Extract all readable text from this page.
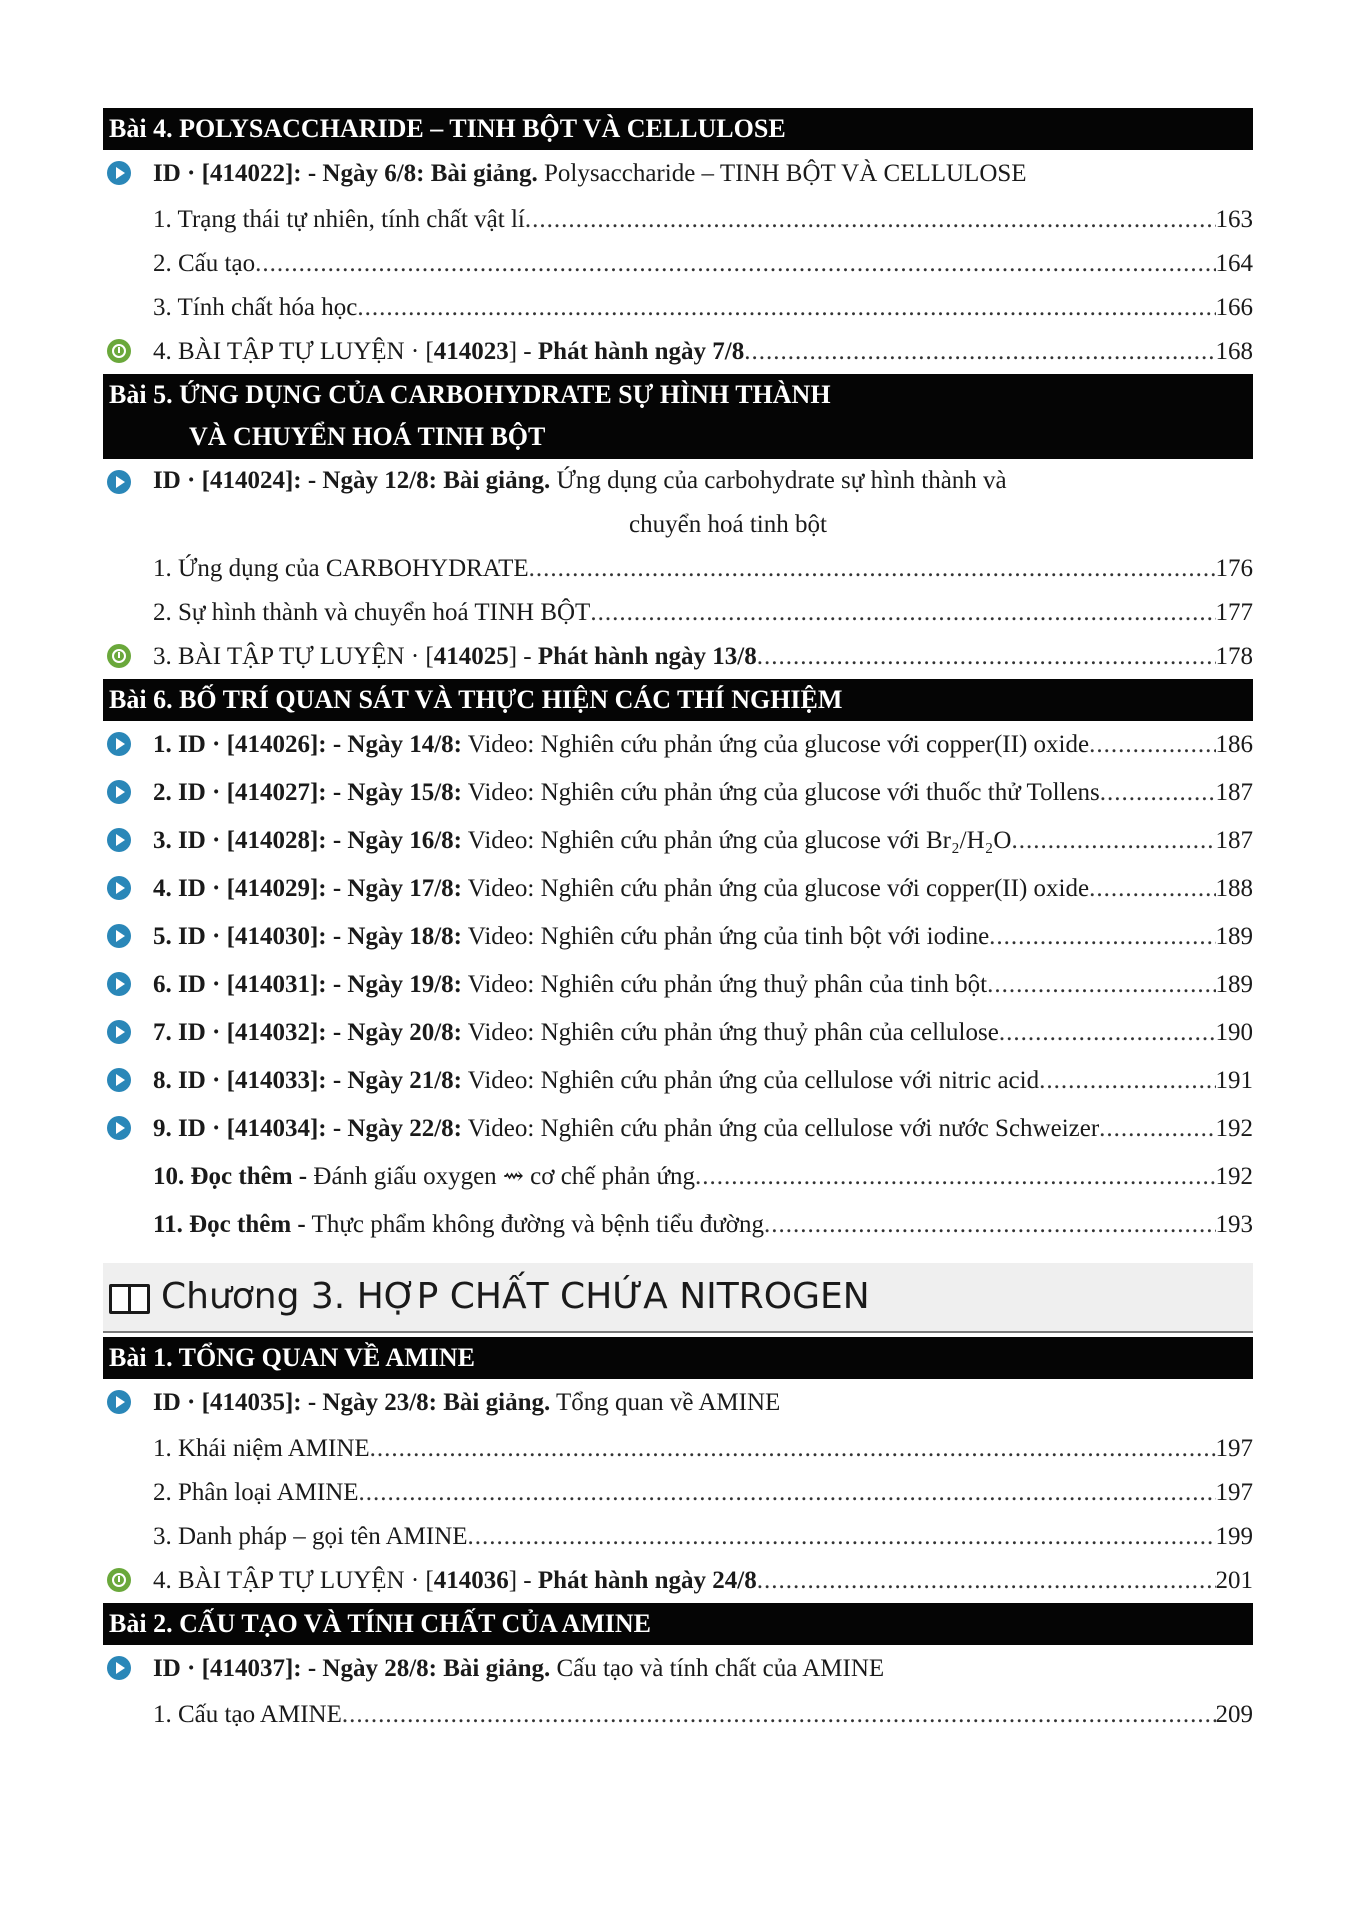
Bài 4. POLYSACCHARIDE – TINH BỘT VÀ CELLULOSE
ID · [414022]: - Ngày 6/8: Bài giảng. Polysaccharide – TINH BỘT VÀ CELLULOSE
1. Trạng thái tự nhiên, tính chất vật lí .....	163
2. Cấu tạo .....	164
3. Tính chất hóa học .....	166
4. BÀI TẬP TỰ LUYỆN · [414023] - Phát hành ngày 7/8 .....	168
Bài 5. ỨNG DỤNG CỦA CARBOHYDRATE SỰ HÌNH THÀNH
VÀ CHUYỂN HOÁ TINH BỘT
ID · [414024]: - Ngày 12/8: Bài giảng. Ứng dụng của carbohydrate sự hình thành và
chuyển hoá tinh bột
1. Ứng dụng của CARBOHYDRATE .....	176
2. Sự hình thành và chuyển hoá TINH BỘT .....	177
3. BÀI TẬP TỰ LUYỆN · [414025] - Phát hành ngày 13/8 .....	178
Bài 6. BỐ TRÍ QUAN SÁT VÀ THỰC HIỆN CÁC THÍ NGHIỆM
1. ID · [414026]: - Ngày 14/8: Video: Nghiên cứu phản ứng của glucose với copper(II) oxide .....	186
2. ID · [414027]: - Ngày 15/8: Video: Nghiên cứu phản ứng của glucose với thuốc thử Tollens .....	187
3. ID · [414028]: - Ngày 16/8: Video: Nghiên cứu phản ứng của glucose với Br₂/H₂O .....	187
4. ID · [414029]: - Ngày 17/8: Video: Nghiên cứu phản ứng của glucose với copper(II) oxide .....	188
5. ID · [414030]: - Ngày 18/8: Video: Nghiên cứu phản ứng của tinh bột với iodine .....	189
6. ID · [414031]: - Ngày 19/8: Video: Nghiên cứu phản ứng thuỷ phân của tinh bột .....	189
7. ID · [414032]: - Ngày 20/8: Video: Nghiên cứu phản ứng thuỷ phân của cellulose .....	190
8. ID · [414033]: - Ngày 21/8: Video: Nghiên cứu phản ứng của cellulose với nitric acid .....	191
9. ID · [414034]: - Ngày 22/8: Video: Nghiên cứu phản ứng của cellulose với nước Schweizer .....	192
10. Đọc thêm - Đánh giấu oxygen ⇝ cơ chế phản ứng .....	192
11. Đọc thêm - Thực phẩm không đường và bệnh tiểu đường .....	193
Chương 3. HỢP CHẤT CHỨA NITROGEN
Bài 1. TỔNG QUAN VỀ AMINE
ID · [414035]: - Ngày 23/8: Bài giảng. Tổng quan về AMINE
1. Khái niệm AMINE .....	197
2. Phân loại AMINE .....	197
3. Danh pháp – gọi tên AMINE .....	199
4. BÀI TẬP TỰ LUYỆN · [414036] - Phát hành ngày 24/8 .....	201
Bài 2. CẤU TẠO VÀ TÍNH CHẤT CỦA AMINE
ID · [414037]: - Ngày 28/8: Bài giảng. Cấu tạo và tính chất của AMINE
1. Cấu tạo AMINE .....	209
